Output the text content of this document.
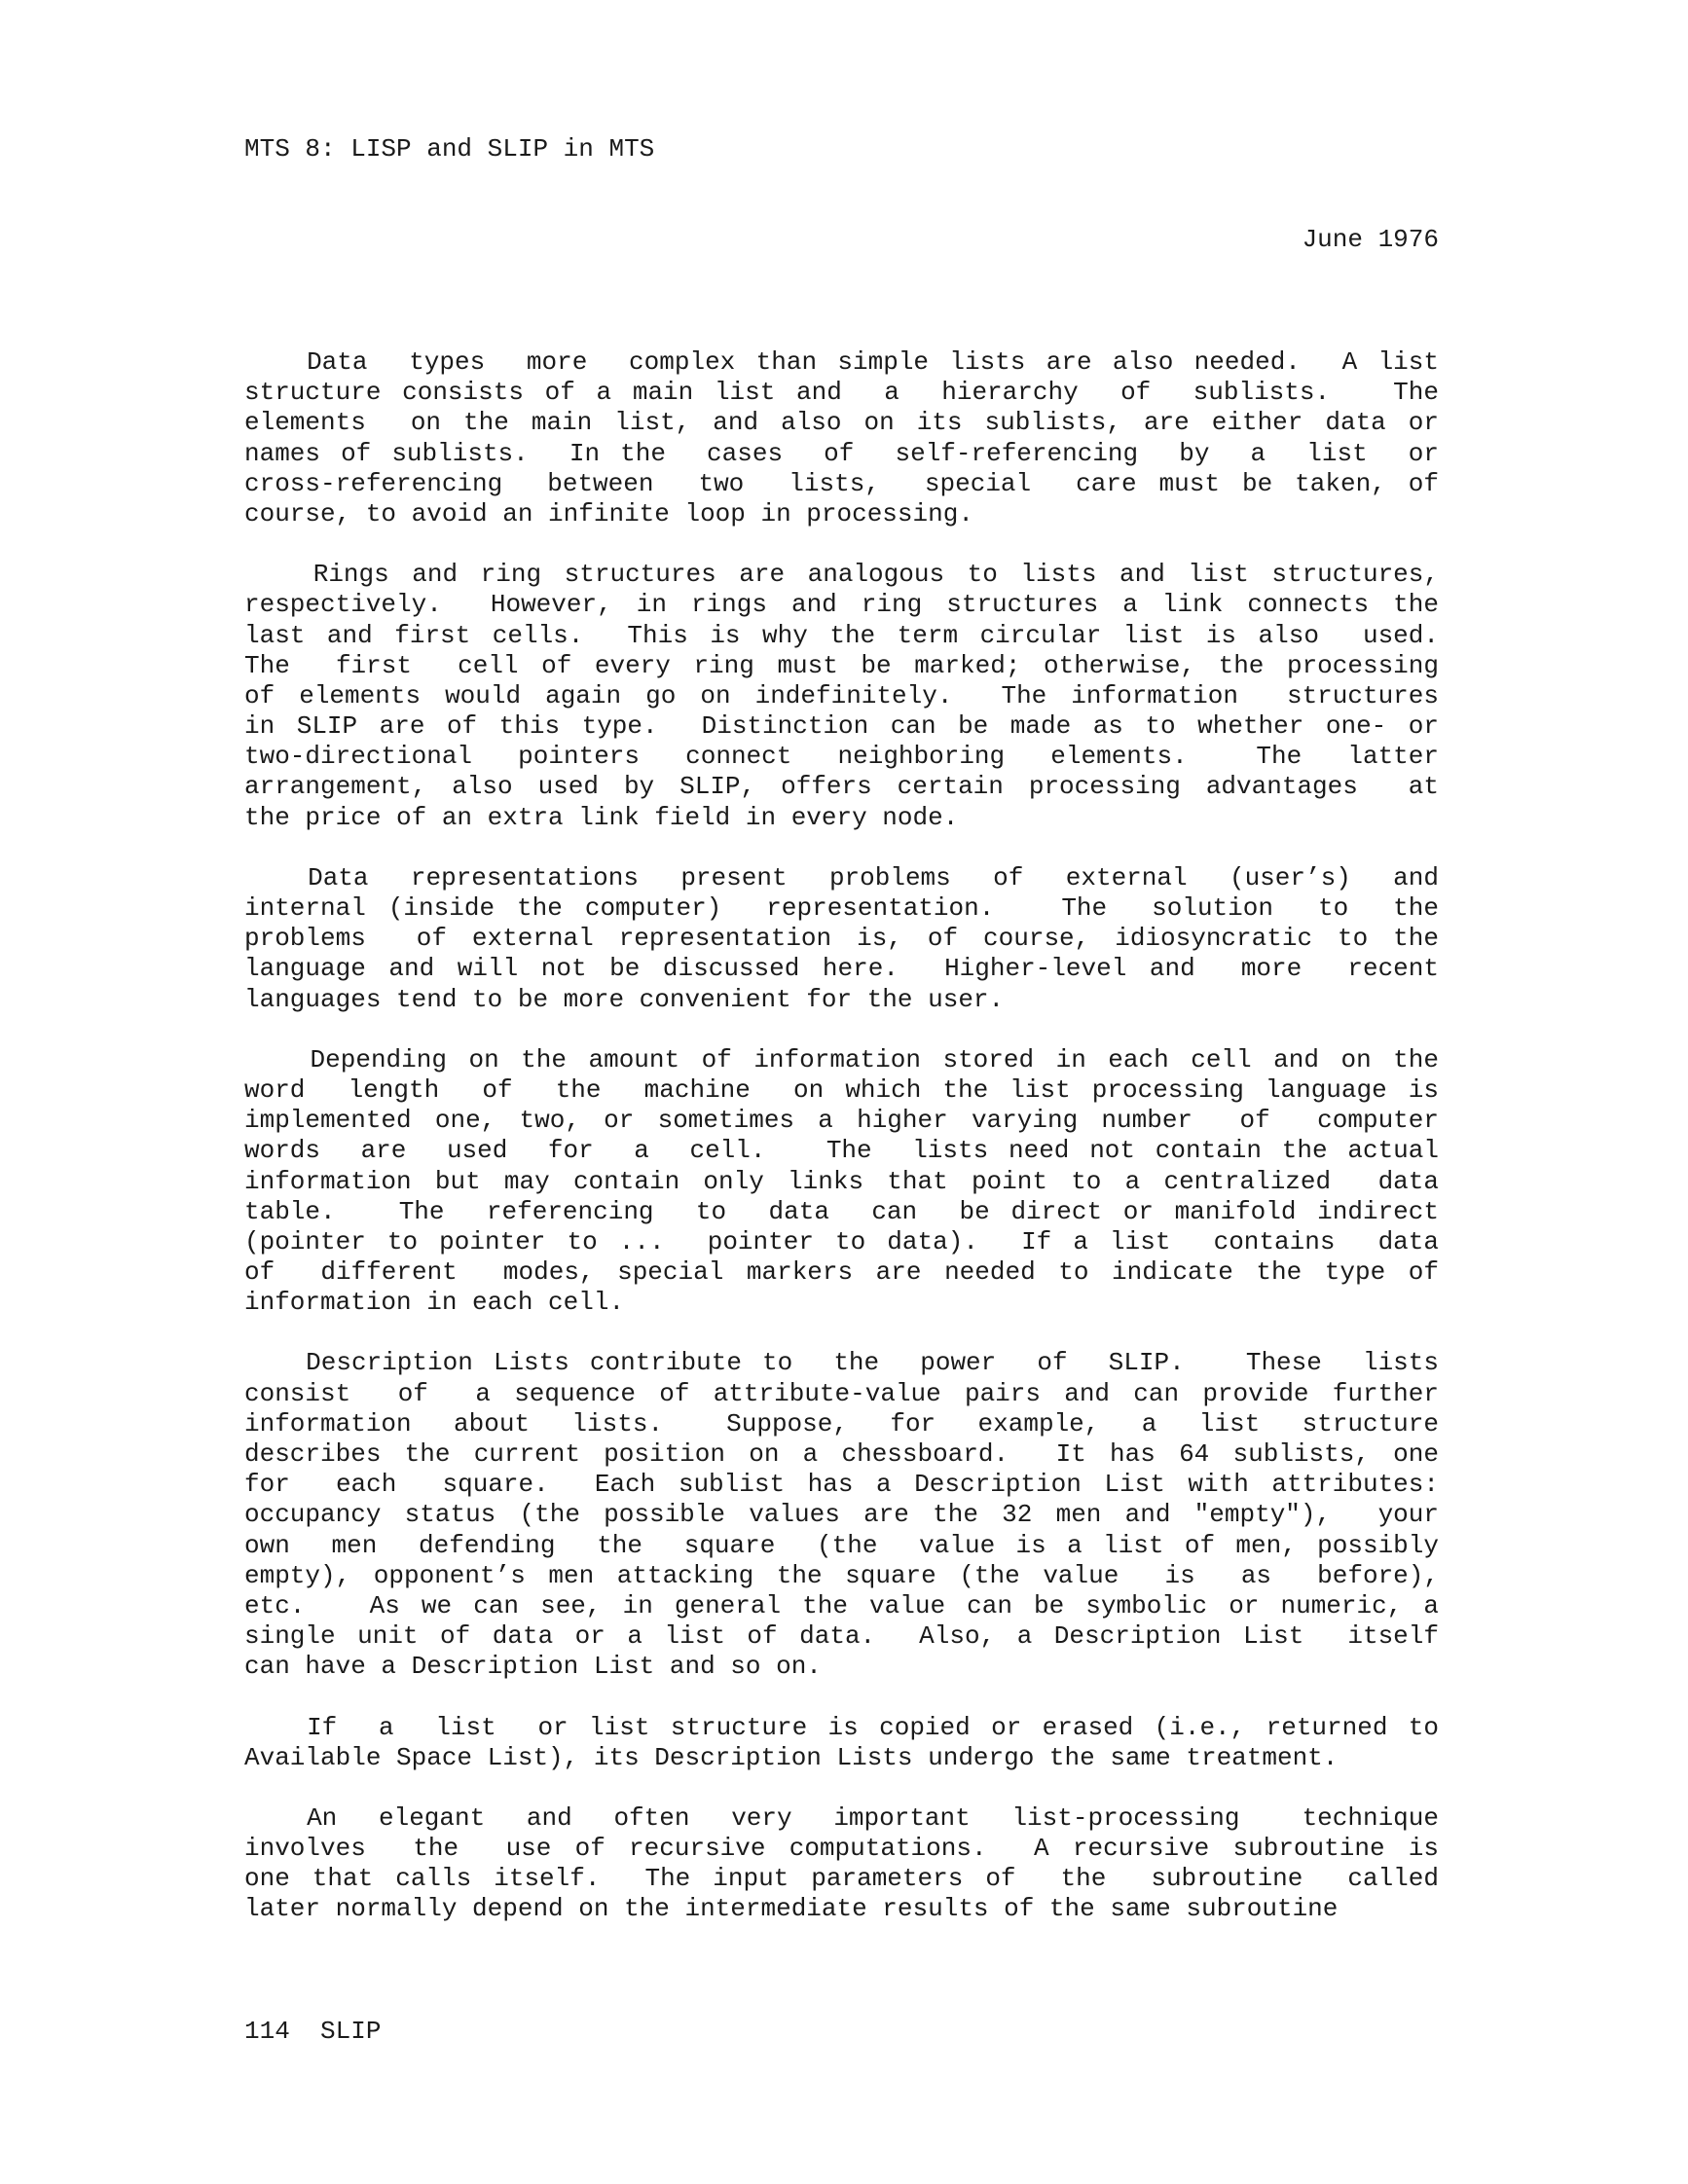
MTS 8: LISP and SLIP in MTS
June 1976
Data  types  more  complex than simple lists are also needed.  A list
structure consists of a main list and  a  hierarchy  of  sublists.   The
elements  on the main list, and also on its sublists, are either data or
names of sublists.  In the  cases  of  self-referencing  by  a  list  or
cross-referencing  between  two  lists,  special  care must be taken, of
course, to avoid an infinite loop in processing.
Rings and ring structures are analogous to lists and list structures,
respectively.  However, in rings and ring structures a link connects the
last and first cells.  This is why the term circular list is also  used.
The  first  cell of every ring must be marked; otherwise, the processing
of elements would again go on indefinitely.  The information  structures
in SLIP are of this type.  Distinction can be made as to whether one- or
two-directional  pointers  connect  neighboring  elements.   The  latter
arrangement, also used by SLIP, offers certain processing advantages  at
the price of an extra link field in every node.
Data  representations  present  problems  of  external  (user’s)  and
internal (inside the computer)  representation.   The  solution  to  the
problems  of external representation is, of course, idiosyncratic to the
language and will not be discussed here.  Higher-level and  more  recent
languages tend to be more convenient for the user.
Depending on the amount of information stored in each cell and on the
word  length  of  the  machine  on which the list processing language is
implemented one, two, or sometimes a higher varying number  of  computer
words  are  used  for  a  cell.   The  lists need not contain the actual
information but may contain only links that point to a centralized  data
table.   The  referencing  to  data  can  be direct or manifold indirect
(pointer to pointer to ...  pointer to data).  If a list  contains  data
of  different  modes, special markers are needed to indicate the type of
information in each cell.
Description Lists contribute to  the  power  of  SLIP.   These  lists
consist  of  a sequence of attribute-value pairs and can provide further
information  about  lists.   Suppose,  for  example,  a  list  structure
describes the current position on a chessboard.  It has 64 sublists, one
for  each  square.  Each sublist has a Description List with attributes:
occupancy status (the possible values are the 32 men and "empty"),  your
own  men  defending  the  square  (the  value is a list of men, possibly
empty), opponent’s men attacking the square (the value  is  as  before),
etc.   As we can see, in general the value can be symbolic or numeric, a
single unit of data or a list of data.  Also, a Description List  itself
can have a Description List and so on.
If  a  list  or list structure is copied or erased (i.e., returned to
Available Space List), its Description Lists undergo the same treatment.
An  elegant  and  often  very  important  list-processing   technique
involves  the  use of recursive computations.  A recursive subroutine is
one that calls itself.  The input parameters of  the  subroutine  called
later normally depend on the intermediate results of the same subroutine
114  SLIP
